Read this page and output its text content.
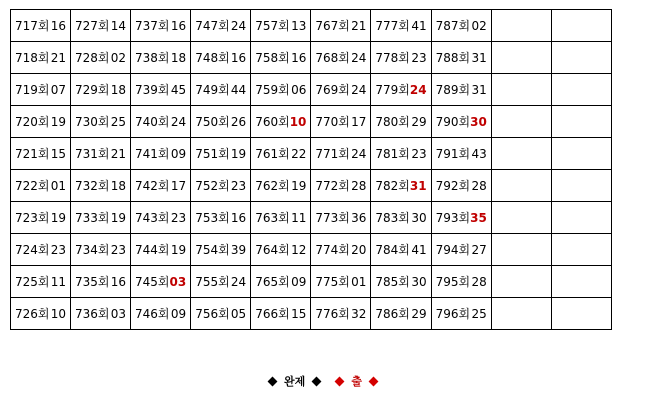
717회 16	727회 14	737회 16	747회 24	757회 13	767회 21	777회 41	787회 02		

718회 21	728회 02	738회 18	748회 16	758회 16	768회 24	778회 23	788회 31		

719회 07	729회 18	739회 45	749회 44	759회 06	769회 24	779회 24	789회 31		

720회 19	730회 25	740회 24	750회 26	760회 10	770회 17	780회 29	790회 30		

721회 15	731회 21	741회 09	751회 19	761회 22	771회 24	781회 23	791회 43		

722회 01	732회 18	742회 17	752회 23	762회 19	772회 28	782회 31	792회 28		

723회 19	733회 19	743회 23	753회 16	763회 11	773회 36	783회 30	793회 35		

724회 23	734회 23	744회 19	754회 39	764회 12	774회 20	784회 41	794회 27		

725회 11	735회 16	745회 03	755회 24	765회 09	775회 01	785회 30	795회 28		

726회 10	736회 03	746회 09	756회 05	766회 15	776회 32	786회 29	796회 25		

완제	출
